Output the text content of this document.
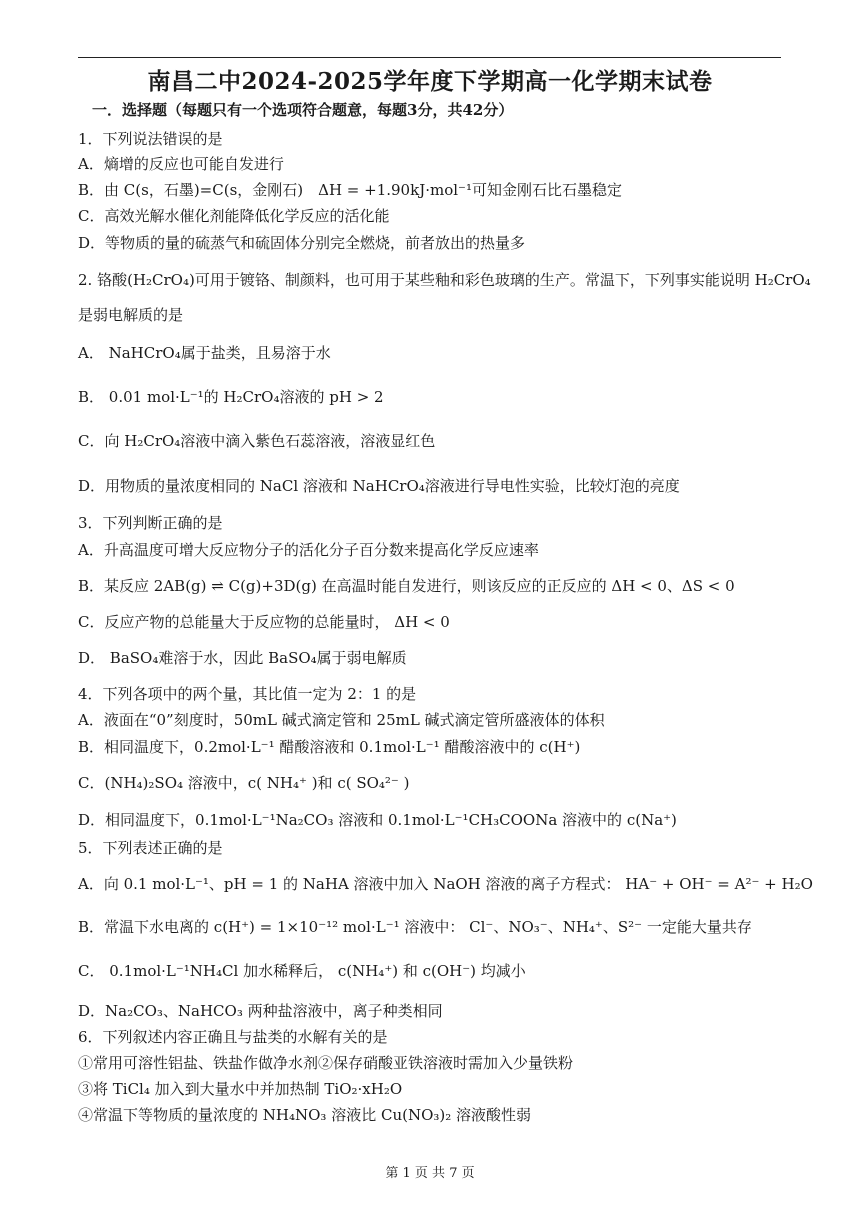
南昌二中2024-2025学年度下学期高一化学期末试卷
一．选择题（每题只有一个选项符合题意，每题3分，共42分）
1．下列说法错误的是
A．熵增的反应也可能自发进行
B．由 C(s，石墨)=C(s，金刚石)　ΔH = +1.90kJ·mol⁻¹可知金刚石比石墨稳定
C．高效光解水催化剂能降低化学反应的活化能
D．等物质的量的硫蒸气和硫固体分别完全燃烧，前者放出的热量多
2. 铬酸(H₂CrO₄)可用于镀铬、制颜料，也可用于某些釉和彩色玻璃的生产。常温下，下列事实能说明 H₂CrO₄
是弱电解质的是
A． NaHCrO₄属于盐类，且易溶于水
B． 0.01 mol·L⁻¹的 H₂CrO₄溶液的 pH > 2
C．向 H₂CrO₄溶液中滴入紫色石蕊溶液，溶液显红色
D．用物质的量浓度相同的 NaCl 溶液和 NaHCrO₄溶液进行导电性实验，比较灯泡的亮度
3．下列判断正确的是
A．升高温度可增大反应物分子的活化分子百分数来提高化学反应速率
B．某反应 2AB(g) ⇌ C(g)+3D(g) 在高温时能自发进行，则该反应的正反应的 ΔH < 0、ΔS < 0
C．反应产物的总能量大于反应物的总能量时， ΔH < 0
D． BaSO₄难溶于水，因此 BaSO₄属于弱电解质
4．下列各项中的两个量，其比值一定为 2：1 的是
A．液面在“0”刻度时，50mL 碱式滴定管和 25mL 碱式滴定管所盛液体的体积
B．相同温度下，0.2mol·L⁻¹ 醋酸溶液和 0.1mol·L⁻¹ 醋酸溶液中的 c(H⁺)
C．(NH₄)₂SO₄ 溶液中，c( NH₄⁺ )和 c( SO₄²⁻ )
D．相同温度下，0.1mol·L⁻¹Na₂CO₃ 溶液和 0.1mol·L⁻¹CH₃COONa 溶液中的 c(Na⁺)
5．下列表述正确的是
A．向 0.1 mol·L⁻¹、pH = 1 的 NaHA 溶液中加入 NaOH 溶液的离子方程式： HA⁻ + OH⁻ = A²⁻ + H₂O
B．常温下水电离的 c(H⁺) = 1×10⁻¹² mol·L⁻¹ 溶液中： Cl⁻、NO₃⁻、NH₄⁺、S²⁻ 一定能大量共存
C． 0.1mol·L⁻¹NH₄Cl 加水稀释后， c(NH₄⁺) 和 c(OH⁻) 均减小
D．Na₂CO₃、NaHCO₃ 两种盐溶液中，离子种类相同
6．下列叙述内容正确且与盐类的水解有关的是
①常用可溶性铝盐、铁盐作做净水剂②保存硝酸亚铁溶液时需加入少量铁粉
③将 TiCl₄ 加入到大量水中并加热制 TiO₂·xH₂O
④常温下等物质的量浓度的 NH₄NO₃ 溶液比 Cu(NO₃)₂ 溶液酸性弱
第 1 页 共 7 页
